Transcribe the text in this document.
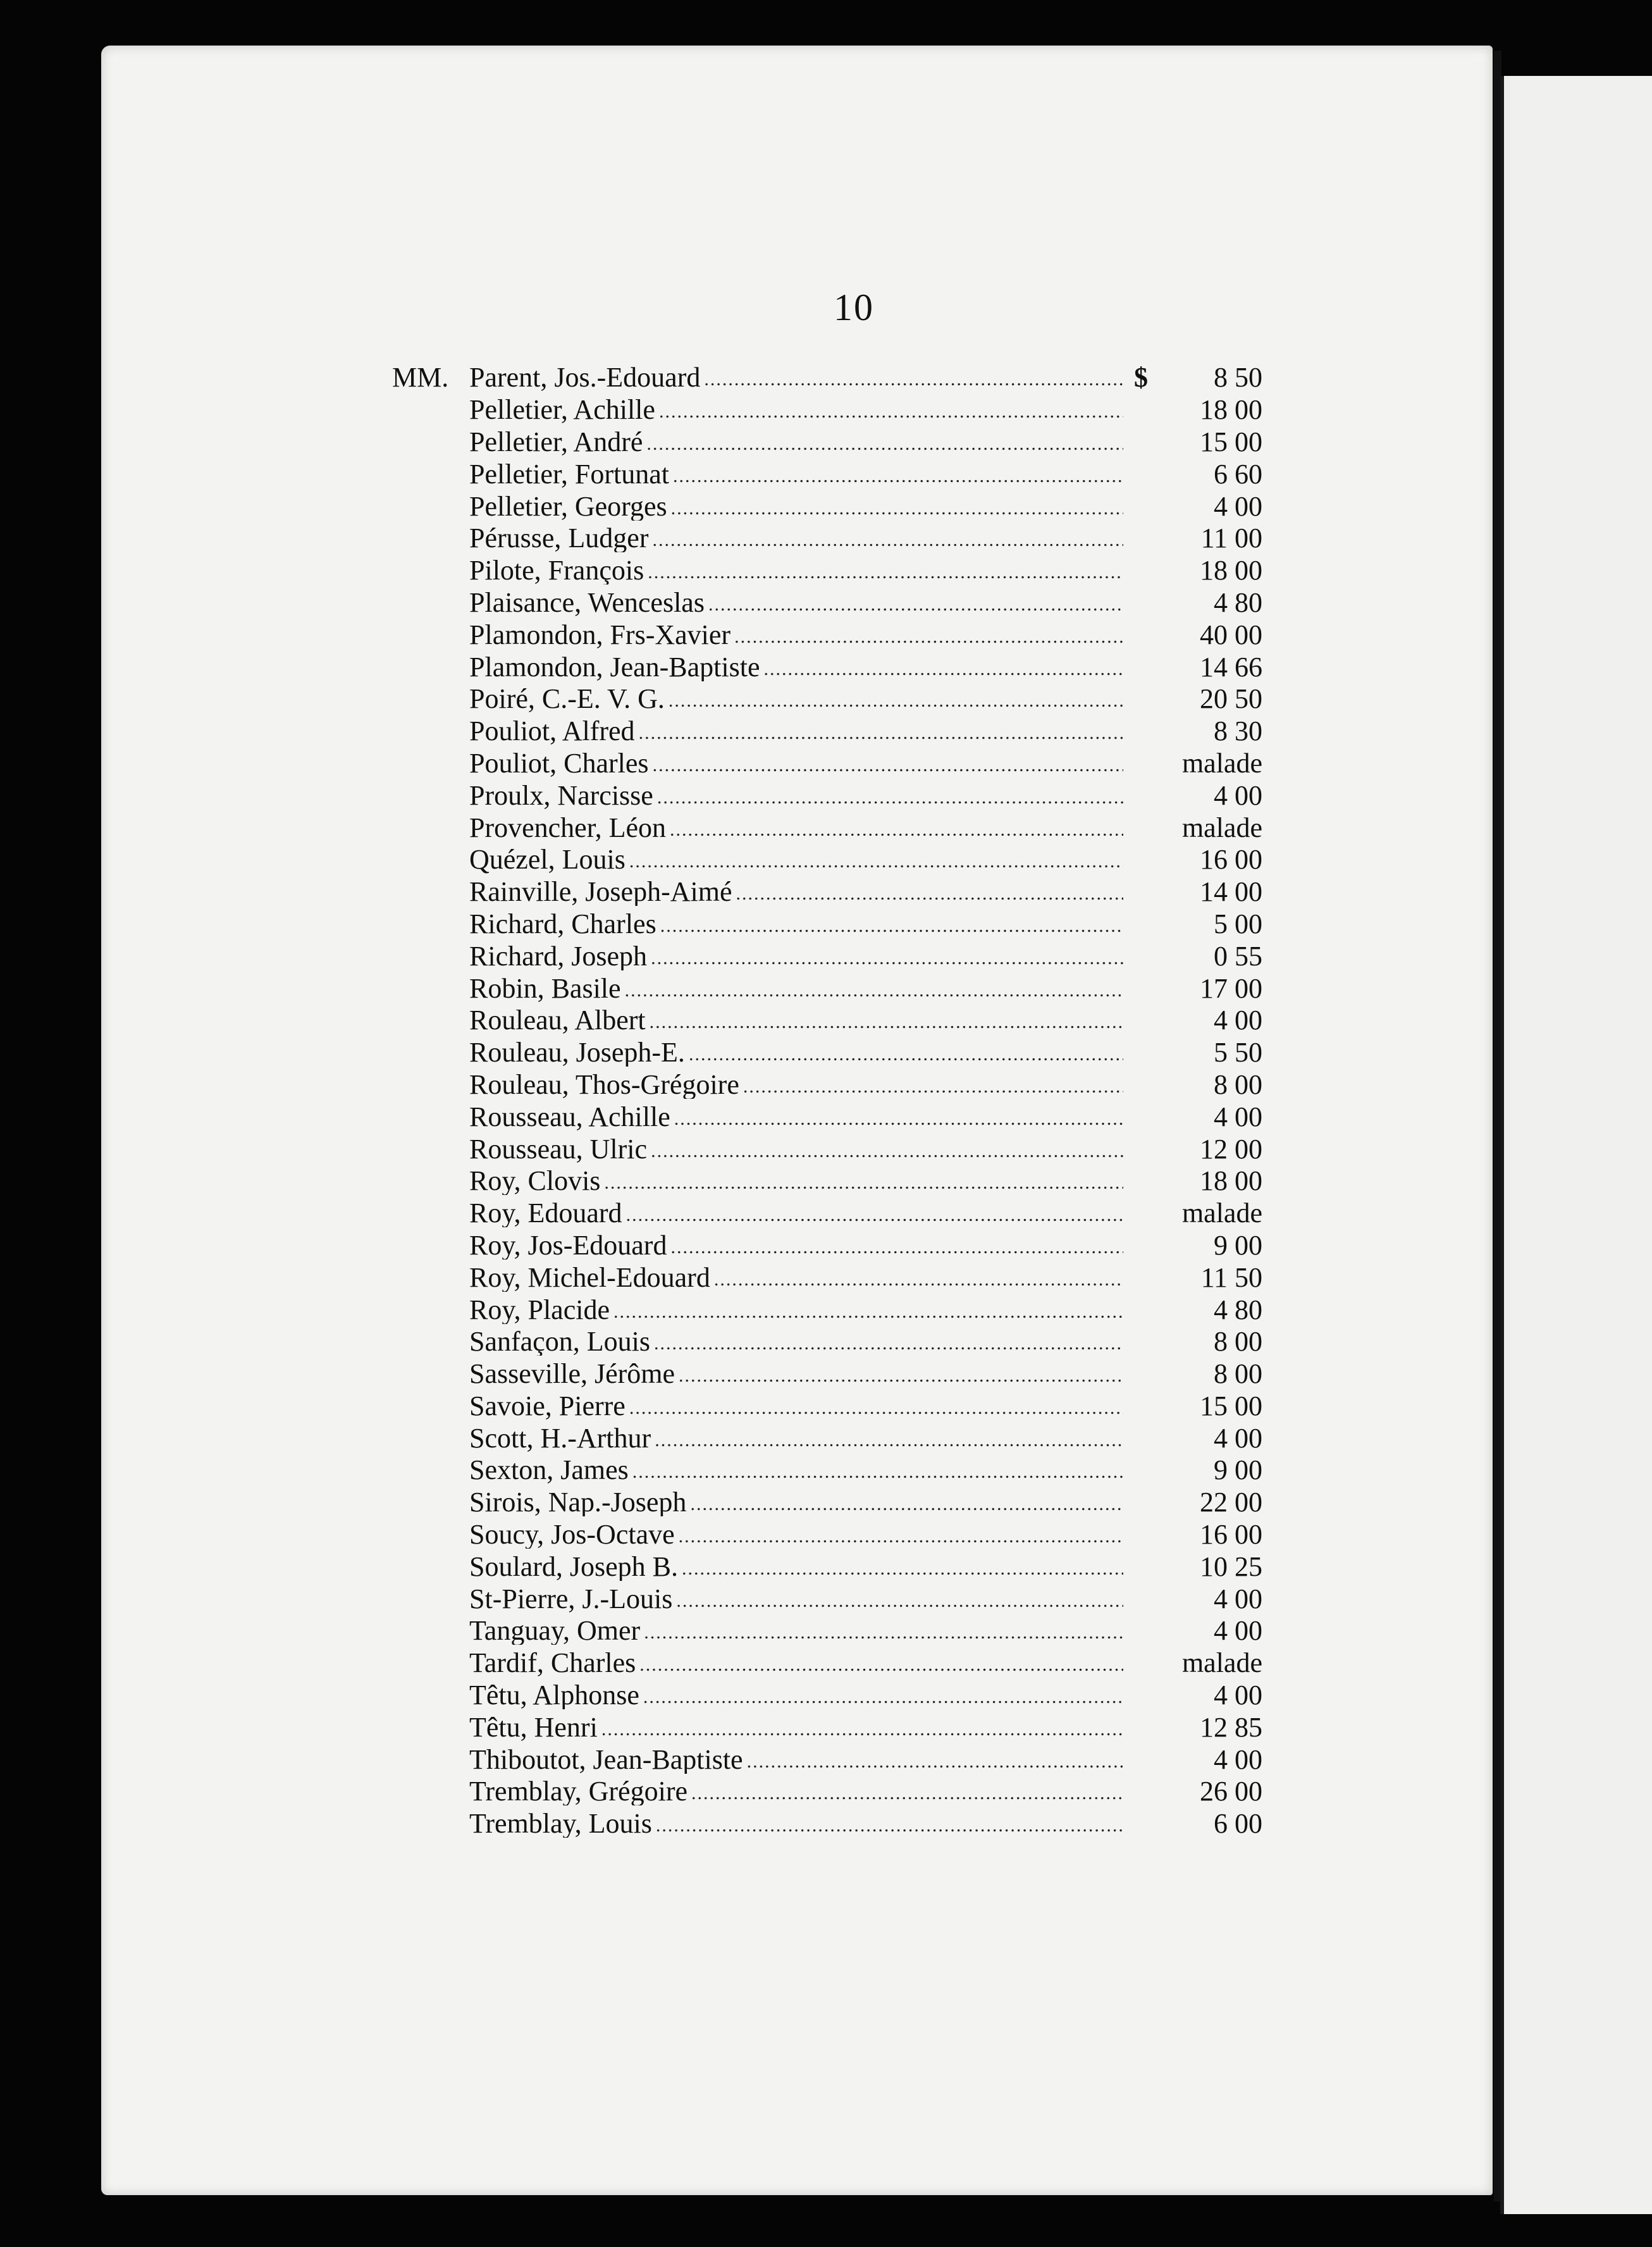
10
MM. Parent, Jos.-Edouard .....	$	8 50
Pelletier, Achille .....	18 00
Pelletier, André .....	15 00
Pelletier, Fortunat .....	6 60
Pelletier, Georges .....	4 00
Pérusse, Ludger .....	11 00
Pilote, François .....	18 00
Plaisance, Wenceslas .....	4 80
Plamondon, Frs-Xavier .....	40 00
Plamondon, Jean-Baptiste .....	14 66
Poiré, C.-E. V. G. .....	20 50
Pouliot, Alfred .....	8 30
Pouliot, Charles .....	malade
Proulx, Narcisse .....	4 00
Provencher, Léon .....	malade
Quézel, Louis .....	16 00
Rainville, Joseph-Aimé .....	14 00
Richard, Charles .....	5 00
Richard, Joseph .....	0 55
Robin, Basile .....	17 00
Rouleau, Albert .....	4 00
Rouleau, Joseph-E. .....	5 50
Rouleau, Thos-Grégoire .....	8 00
Rousseau, Achille .....	4 00
Rousseau, Ulric .....	12 00
Roy, Clovis .....	18 00
Roy, Edouard .....	malade
Roy, Jos-Edouard .....	9 00
Roy, Michel-Edouard .....	11 50
Roy, Placide .....	4 80
Sanfaçon, Louis .....	8 00
Sasseville, Jérôme .....	8 00
Savoie, Pierre .....	15 00
Scott, H.-Arthur .....	4 00
Sexton, James .....	9 00
Sirois, Nap.-Joseph .....	22 00
Soucy, Jos-Octave .....	16 00
Soulard, Joseph B. .....	10 25
St-Pierre, J.-Louis .....	4 00
Tanguay, Omer .....	4 00
Tardif, Charles .....	malade
Têtu, Alphonse .....	4 00
Têtu, Henri .....	12 85
Thiboutot, Jean-Baptiste .....	4 00
Tremblay, Grégoire .....	26 00
Tremblay, Louis .....	6 00
